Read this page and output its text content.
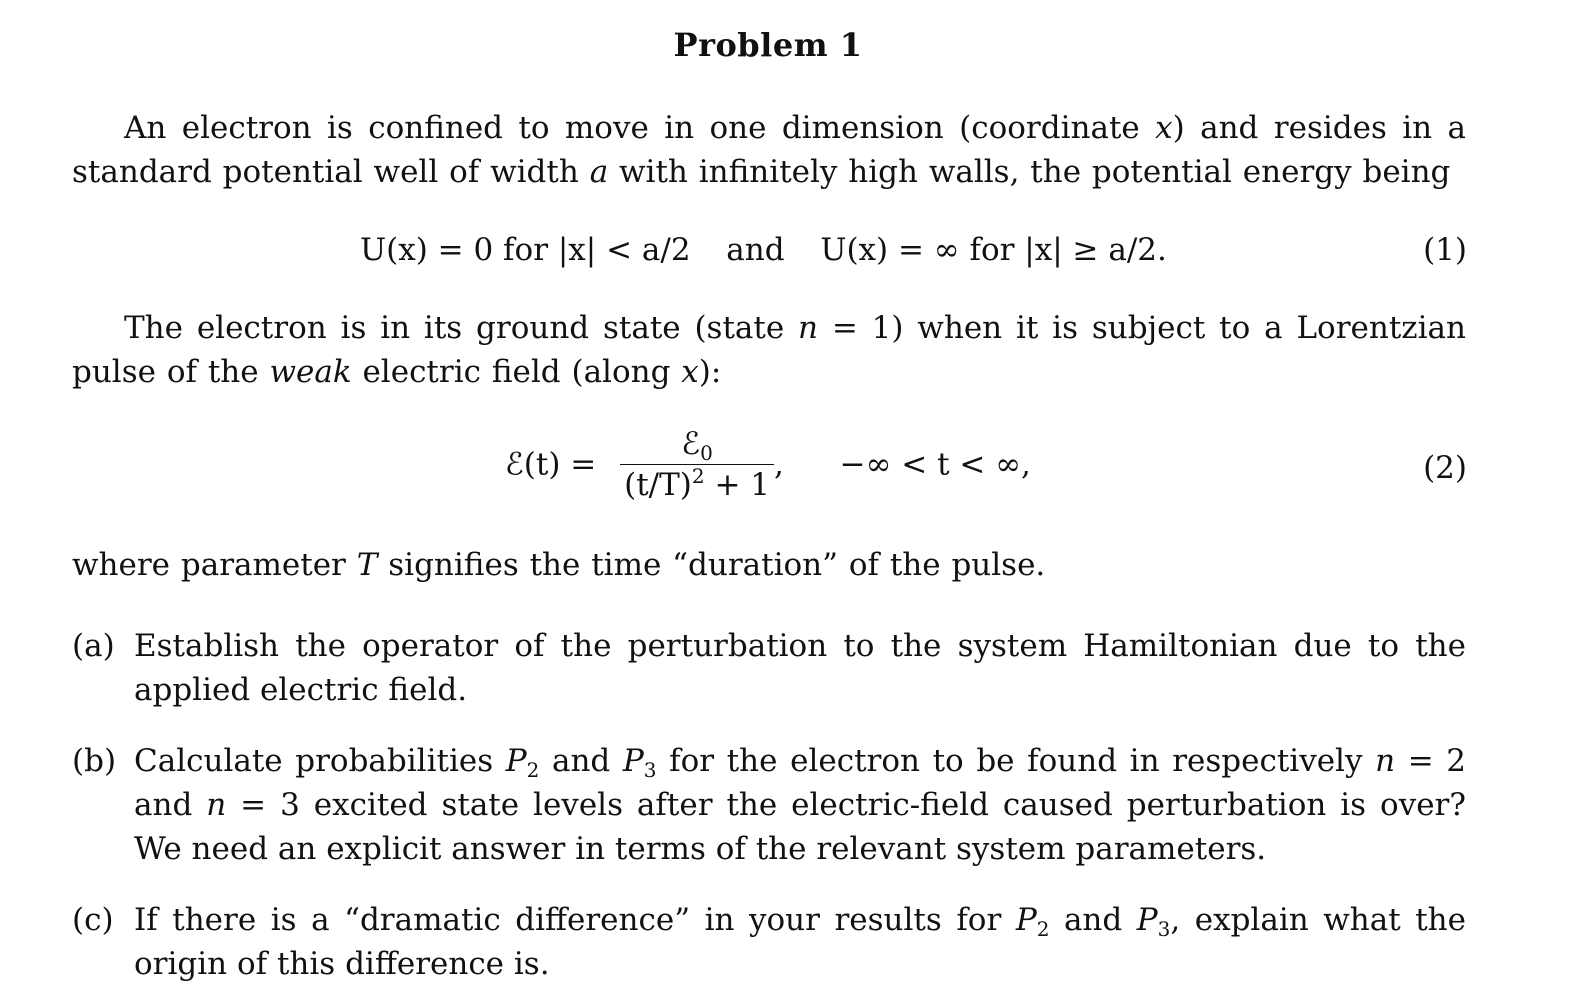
Problem 1
An electron is confined to move in one dimension (coordinate x) and resides in a standard potential well of width a with infinitely high walls, the potential energy being
U(x) = 0 for |x| < a/2 and U(x) = ∞ for |x| ≥ a/2.	(1)
The electron is in its ground state (state n = 1) when it is subject to a Lorentzian pulse of the weak electric field (along x):
ℰ(t) = $\frac{ℰ_0}{(t/T)^2 + 1}$ , −∞ < t < ∞,	(2)
where parameter T signifies the time “duration” of the pulse.
(a) Establish the operator of the perturbation to the system Hamiltonian due to the applied electric field.
(b) Calculate probabilities $P_2$ and $P_3$ for the electron to be found in respectively n = 2 and n = 3 excited state levels after the electric-field caused perturbation is over? We need an explicit answer in terms of the relevant system parameters.
(c) If there is a “dramatic difference” in your results for $P_2$ and $P_3$, explain what the origin of this difference is.
